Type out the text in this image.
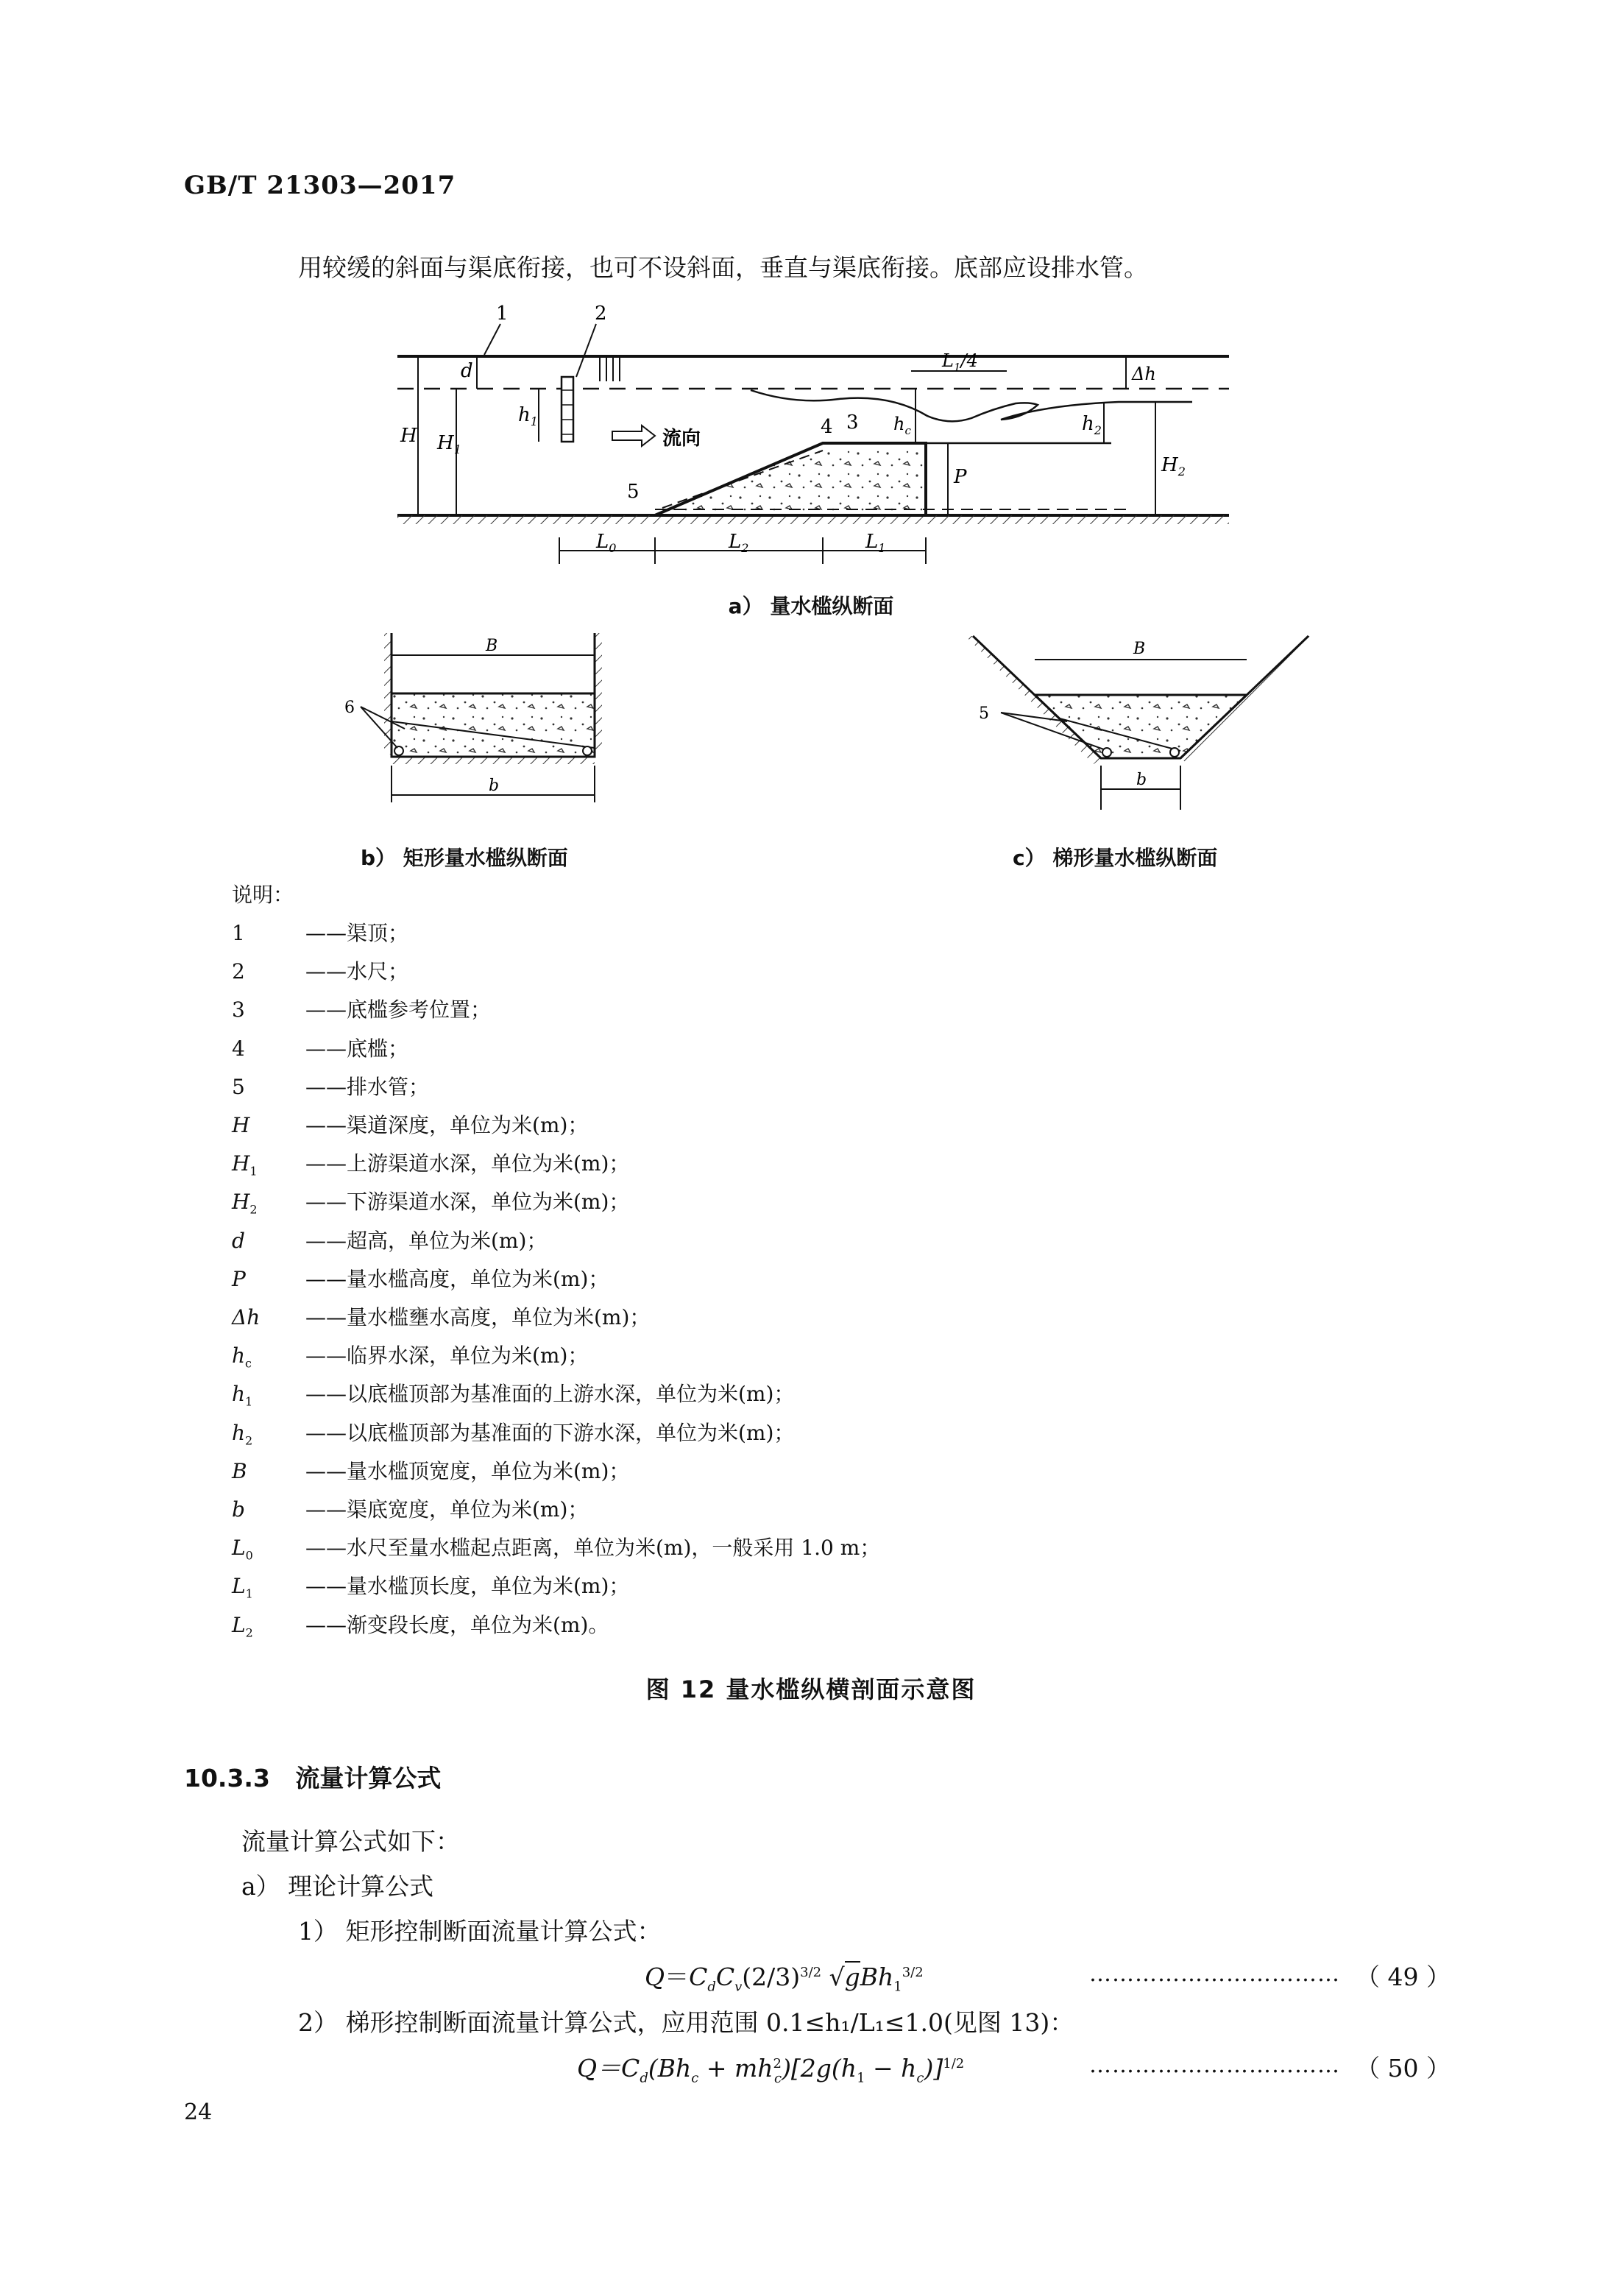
GB/T 21303—2017
用较缓的斜面与渠底衔接，也可不设斜面，垂直与渠底衔接。底部应设排水管。
1	2
3
4
5
H $H_1$
d
$h_1$
Δh
$h_2$
$H_2$
P
$h_c$
$L_1/4$
$L_0$	$L_2$	$L_1$
流向
a） 量水槛纵断面
B
b
6
b） 矩形量水槛纵断面
B
b
5
c） 梯形量水槛纵断面
说明：
1	——渠顶；
2	——水尺；
3	——底槛参考位置；
4	——底槛；
5	——排水管；
H	——渠道深度，单位为米(m)；
$H_1$ ——上游渠道水深，单位为米(m)；
$H_2$ ——下游渠道水深，单位为米(m)；
d	——超高，单位为米(m)；
P	——量水槛高度，单位为米(m)；
Δh ——量水槛壅水高度，单位为米(m)；
$h_c$	——临界水深，单位为米(m)；
$h_1$	——以底槛顶部为基准面的上游水深，单位为米(m)；
$h_2$	——以底槛顶部为基准面的下游水深，单位为米(m)；
B	——量水槛顶宽度，单位为米(m)；
b	——渠底宽度，单位为米(m)；
$L_0$	——水尺至量水槛起点距离，单位为米(m)，一般采用 1.0 m；
$L_1$	——量水槛顶长度，单位为米(m)；
$L_2$	——渐变段长度，单位为米(m)。
图 12 量水槛纵横剖面示意图
10.3.3 流量计算公式
流量计算公式如下：
a） 理论计算公式
1） 矩形控制断面流量计算公式：
$Q=C_dC_v(2/3)^{3/2}$ √gBh$_1^{3/2}$	…………………………… （ 49 ）
2） 梯形控制断面流量计算公式，应用范围 0.1≤h₁/L₁≤1.0(见图 13)：
$Q=C_d(Bh_c + mh^2_c)[2g(h_1 - h_c)]^{1/2}$	…………………………… （ 50 ）
24
